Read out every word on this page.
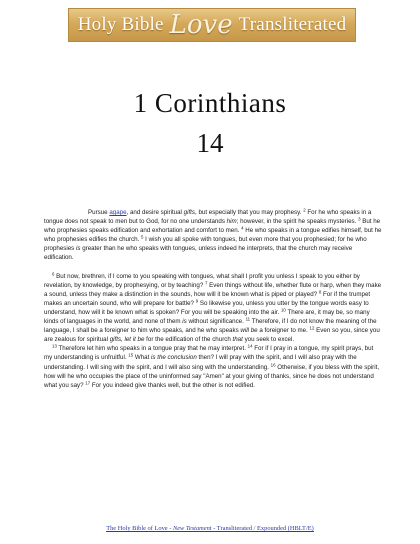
Holy Bible Love Transliterated
1 Corinthians
14

Pursue agape, and desire spiritual gifts, but especially that you may prophesy. $^2$ For he who speaks in a tongue does not speak to men but to God, for no one understands him; however, in the spirit he speaks mysteries. $^3$ But he who prophesies speaks edification and exhortation and comfort to men. $^4$ He who speaks in a tongue edifies himself, but he who prophesies edifies the church. $^5$ I wish you all spoke with tongues, but even more that you prophesied; for he who prophesies is greater than he who speaks with tongues, unless indeed he interprets, that the church may receive edification.

$^6$ But now, brethren, if I come to you speaking with tongues, what shall I profit you unless I speak to you either by revelation, by knowledge, by prophesying, or by teaching? $^7$ Even things without life, whether flute or harp, when they make a sound, unless they make a distinction in the sounds, how will it be known what is piped or played? $^8$ For if the trumpet makes an uncertain sound, who will prepare for battle? $^9$ So likewise you, unless you utter by the tongue words easy to understand, how will it be known what is spoken? For you will be speaking into the air. $^{10}$ There are, it may be, so many kinds of languages in the world, and none of them is without significance. $^{11}$ Therefore, if I do not know the meaning of the language, I shall be a foreigner to him who speaks, and he who speaks will be a foreigner to me. $^{12}$ Even so you, since you are zealous for spiritual gifts, let it be for the edification of the church that you seek to excel.

$^{13}$ Therefore let him who speaks in a tongue pray that he may interpret. $^{14}$ For if I pray in a tongue, my spirit prays, but my understanding is unfruitful. $^{15}$ What is the conclusion then? I will pray with the spirit, and I will also pray with the understanding. I will sing with the spirit, and I will also sing with the understanding. $^{16}$ Otherwise, if you bless with the spirit, how will he who occupies the place of the uninformed say "Amen" at your giving of thanks, since he does not understand what you say? $^{17}$ For you indeed give thanks well, but the other is not edified.

The Holy Bible of Love - New Testament - Transliterated / Expounded (HBLT/E)
